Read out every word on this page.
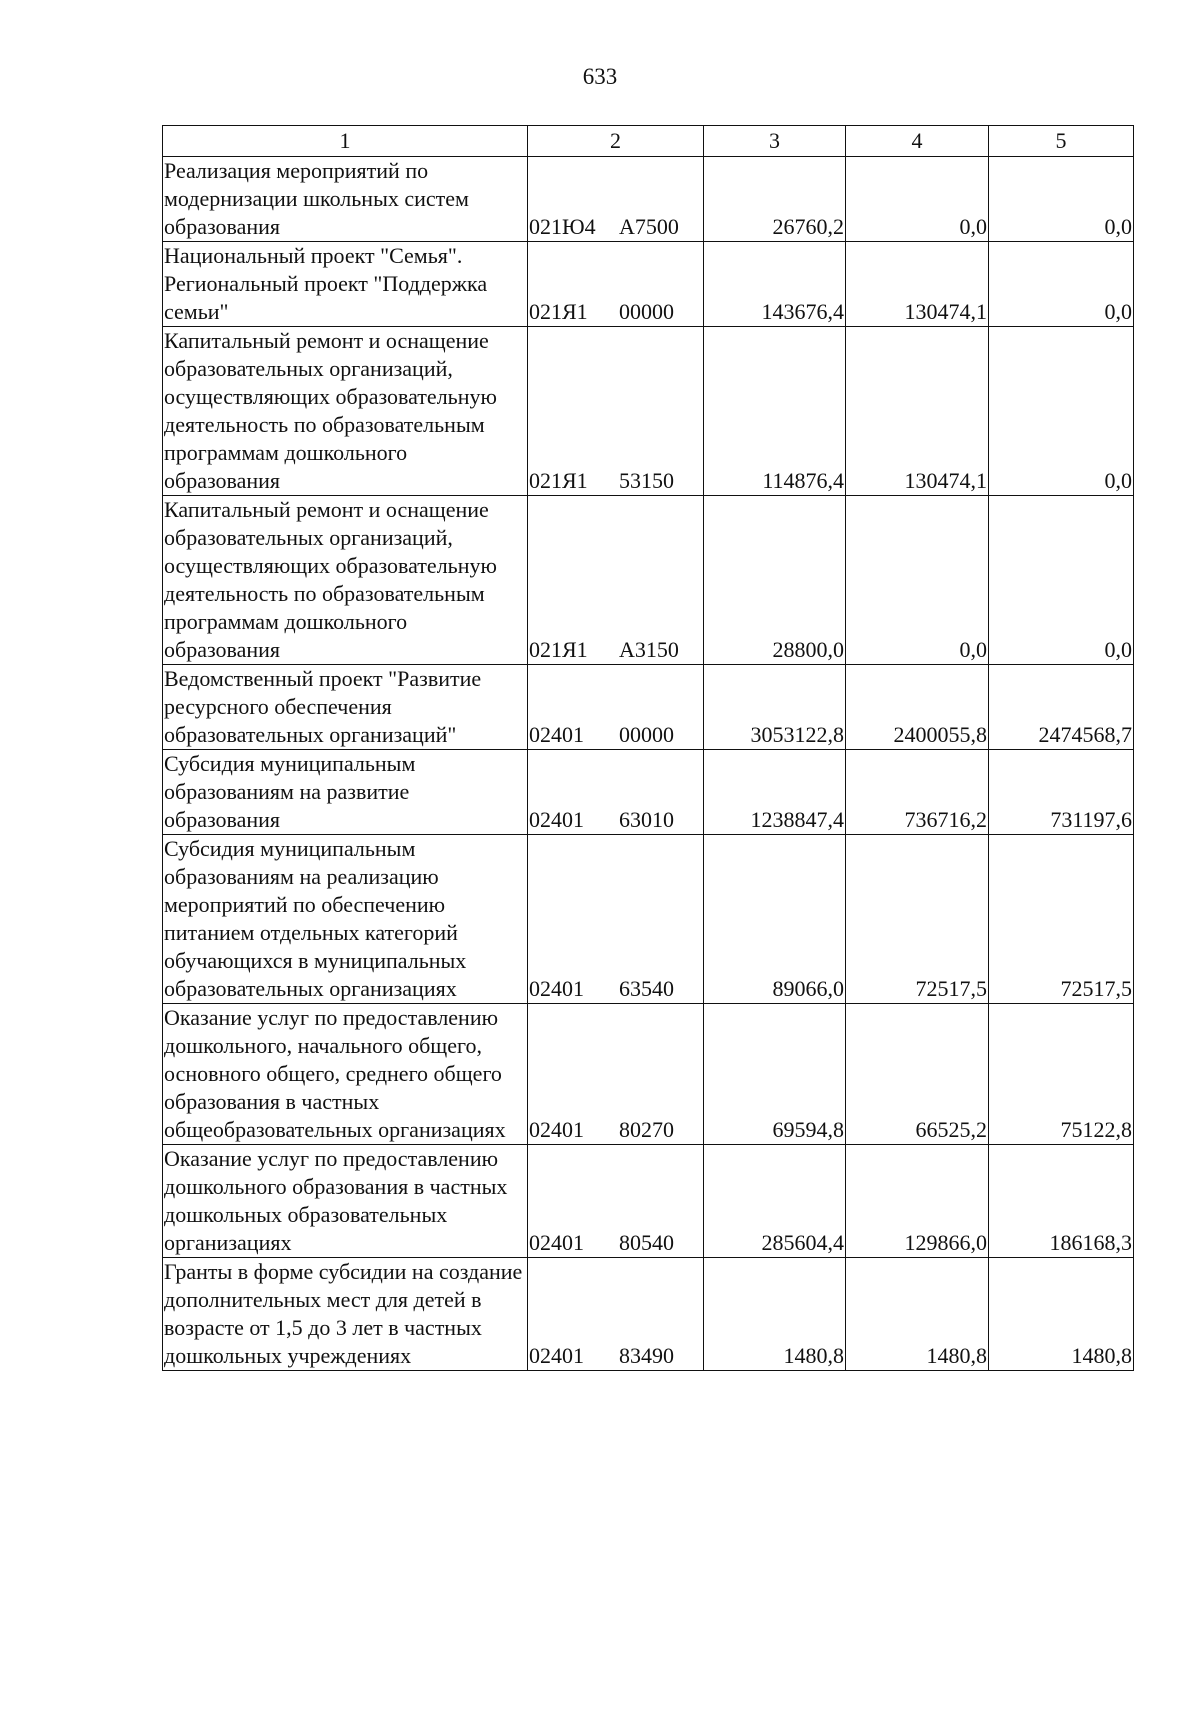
633
1	2	3	4	5
Реализация мероприятий по модернизации школьных систем образования	021Ю4 А7500	26760,2	0,0	0,0
Национальный проект "Семья". Региональный проект "Поддержка семьи"	021Я1 00000	143676,4	130474,1	0,0
Капитальный ремонт и оснащение образовательных организаций, осуществляющих образовательную деятельность по образовательным программам дошкольного образования	021Я1 53150	114876,4	130474,1	0,0
Капитальный ремонт и оснащение образовательных организаций, осуществляющих образовательную деятельность по образовательным программам дошкольного образования	021Я1 А3150	28800,0	0,0	0,0
Ведомственный проект "Развитие ресурсного обеспечения образовательных организаций"	02401 00000	3053122,8	2400055,8	2474568,7
Субсидия муниципальным образованиям на развитие образования	02401 63010	1238847,4	736716,2	731197,6
Субсидия муниципальным образованиям на реализацию мероприятий по обеспечению питанием отдельных категорий обучающихся в муниципальных образовательных организациях	02401 63540	89066,0	72517,5	72517,5
Оказание услуг по предоставлению дошкольного, начального общего, основного общего, среднего общего образования в частных общеобразовательных организациях	02401 80270	69594,8	66525,2	75122,8
Оказание услуг по предоставлению дошкольного образования в частных дошкольных образовательных организациях	02401 80540	285604,4	129866,0	186168,3
Гранты в форме субсидии на создание дополнительных мест для детей в возрасте от 1,5 до 3 лет в частных дошкольных учреждениях	02401 83490	1480,8	1480,8	1480,8
